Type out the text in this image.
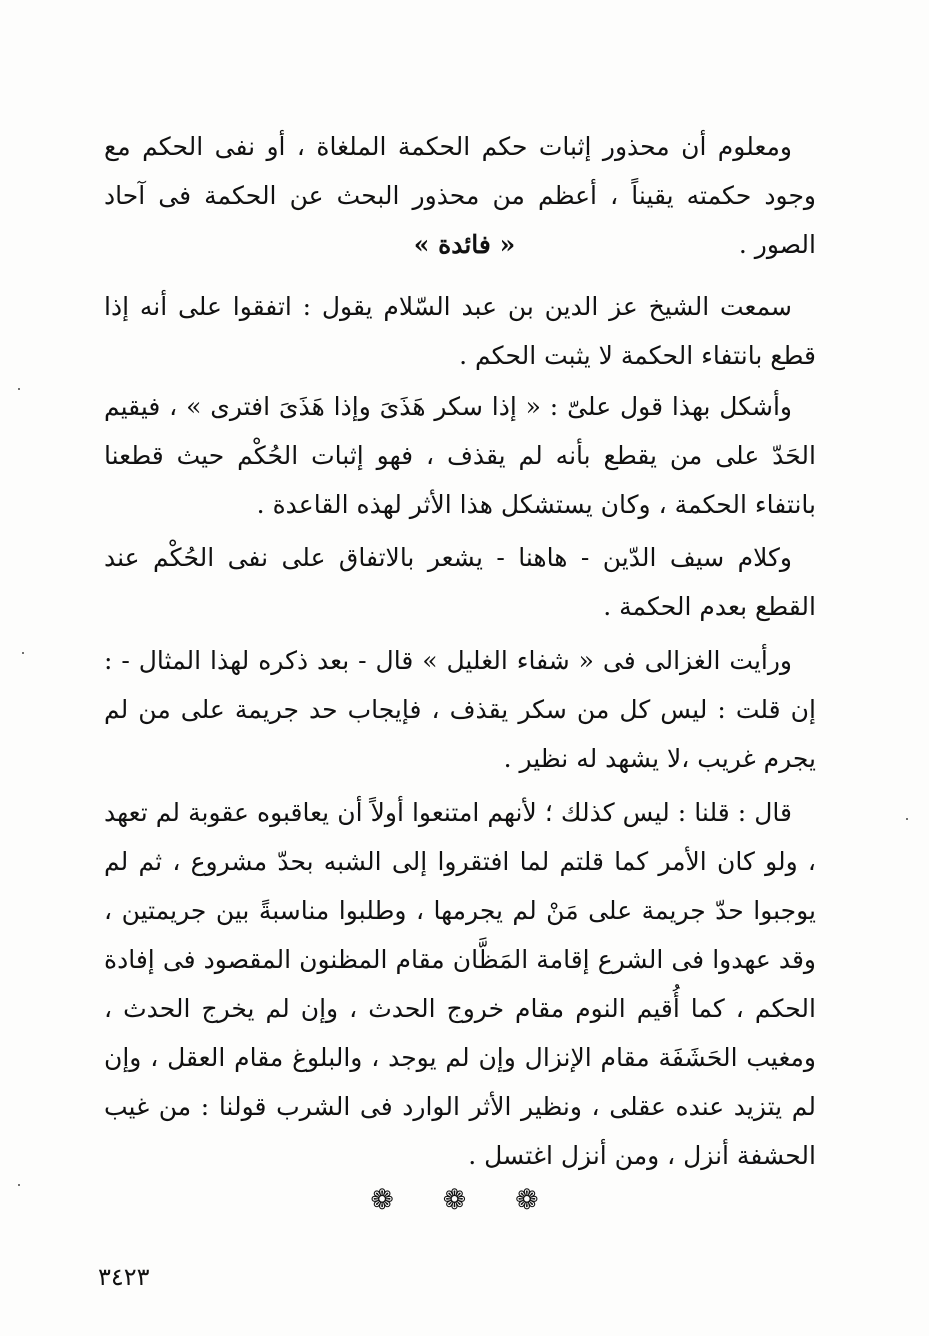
ومعلوم أن محذور إثبات حكم الحكمة الملغاة ، أو نفى الحكم مع وجود حكمته يقيناً ، أعظم من محذور البحث عن الحكمة فى آحاد الصور .

« فائدة »

سمعت الشيخ عز الدين بن عبد السّلام يقول : اتفقوا على أنه إذا قطع بانتفاء الحكمة لا يثبت الحكم .

وأشكل بهذا قول علىّ : « إذا سكر هَذَىَ وإذا هَذَىَ افترى » ، فيقيم الحَدّ على من يقطع بأنه لم يقذف ، فهو إثبات الحُكْم حيث قطعنا بانتفاء الحكمة ، وكان يستشكل هذا الأثر لهذه القاعدة .

وكلام سيف الدّين - هاهنا - يشعر بالاتفاق على نفى الحُكْم عند القطع بعدم الحكمة .

ورأيت الغزالى فى « شفاء الغليل » قال - بعد ذكره لهذا المثال - : إن قلت : ليس كل من سكر يقذف ، فإيجاب حد جريمة على من لم يجرم غريب ،لا يشهد له نظير .

قال : قلنا : ليس كذلك ؛ لأنهم امتنعوا أولاً أن يعاقبوه عقوبة لم تعهد ، ولو كان الأمر كما قلتم لما افتقروا إلى الشبه بحدّ مشروع ، ثم لم يوجبوا حدّ جريمة على مَنْ لم يجرمها ، وطلبوا مناسبةً بين جريمتين ، وقد عهدوا فى الشرع إقامة المَظَّان مقام المظنون المقصود فى إفادة الحكم ، كما أُقيم النوم مقام خروج الحدث ، وإن لم يخرج الحدث ، ومغيب الحَشَفَة مقام الإنزال وإن لم يوجد ، والبلوغ مقام العقل ، وإن لم يتزيد عنده عقلى ، ونظير الأثر الوارد فى الشرب قولنا : من غيب الحشفة أنزل ، ومن أنزل اغتسل .

❁ ❁ ❁
٣٤٢٣
